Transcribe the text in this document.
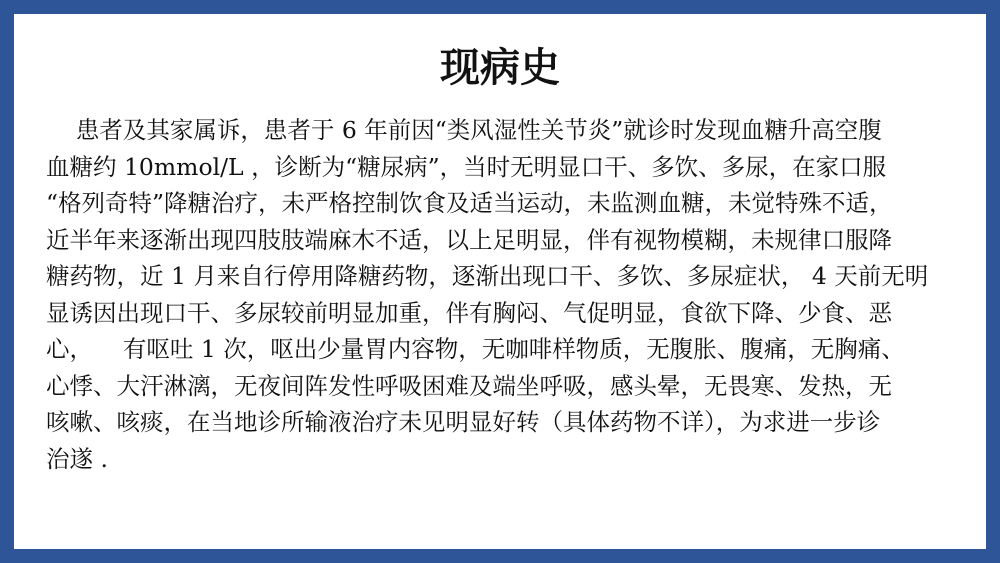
现病史
患者及其家属诉，患者于 6 年前因“类风湿性关节炎”就诊时发现血糖升高空腹
血糖约 10mmol/L ，诊断为“糖尿病”，当时无明显口干、多饮、多尿，在家口服
“格列奇特”降糖治疗，未严格控制饮食及适当运动，未监测血糖，未觉特殊不适，
近半年来逐渐出现四肢肢端麻木不适，以上足明显，伴有视物模糊，未规律口服降
糖药物，近 1 月来自行停用降糖药物，逐渐出现口干、多饮、多尿症状， 4 天前无明
显诱因出现口干、多尿较前明显加重，伴有胸闷、气促明显，食欲下降、少食、恶
心，    有呕吐 1 次，呕出少量胃内容物，无咖啡样物质，无腹胀、腹痛，无胸痛、
心悸、大汗淋漓，无夜间阵发性呼吸困难及端坐呼吸，感头晕，无畏寒、发热，无
咳嗽、咳痰，在当地诊所输液治疗未见明显好转（具体药物不详），为求进一步诊
治遂 .
